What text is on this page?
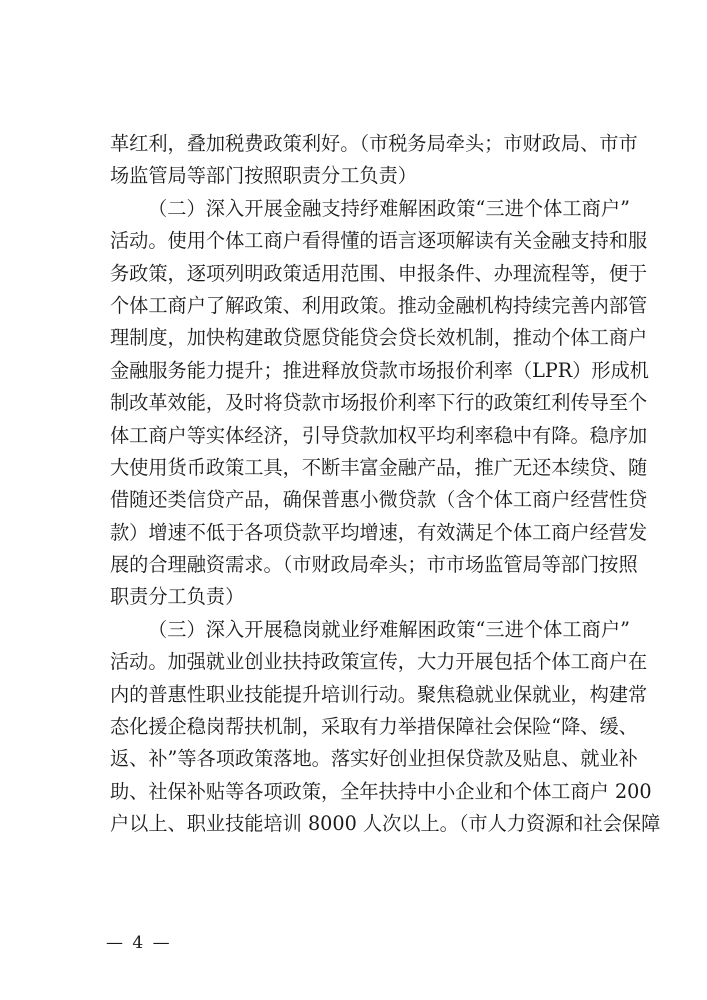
革红利，叠加税费政策利好。（市税务局牵头；市财政局、市市
场监管局等部门按照职责分工负责）
（二）深入开展金融支持纾难解困政策“三进个体工商户”
活动。使用个体工商户看得懂的语言逐项解读有关金融支持和服
务政策，逐项列明政策适用范围、申报条件、办理流程等，便于
个体工商户了解政策、利用政策。推动金融机构持续完善内部管
理制度，加快构建敢贷愿贷能贷会贷长效机制，推动个体工商户
金融服务能力提升；推进释放贷款市场报价利率（LPR）形成机
制改革效能，及时将贷款市场报价利率下行的政策红利传导至个
体工商户等实体经济，引导贷款加权平均利率稳中有降。稳序加
大使用货币政策工具，不断丰富金融产品，推广无还本续贷、随
借随还类信贷产品，确保普惠小微贷款（含个体工商户经营性贷
款）增速不低于各项贷款平均增速，有效满足个体工商户经营发
展的合理融资需求。（市财政局牵头；市市场监管局等部门按照
职责分工负责）
（三）深入开展稳岗就业纾难解困政策“三进个体工商户”
活动。加强就业创业扶持政策宣传，大力开展包括个体工商户在
内的普惠性职业技能提升培训行动。聚焦稳就业保就业，构建常
态化援企稳岗帮扶机制，采取有力举措保障社会保险“降、缓、
返、补”等各项政策落地。落实好创业担保贷款及贴息、就业补
助、社保补贴等各项政策，全年扶持中小企业和个体工商户 200
户以上、职业技能培训 8000 人次以上。（市人力资源和社会保障
— 4 —
